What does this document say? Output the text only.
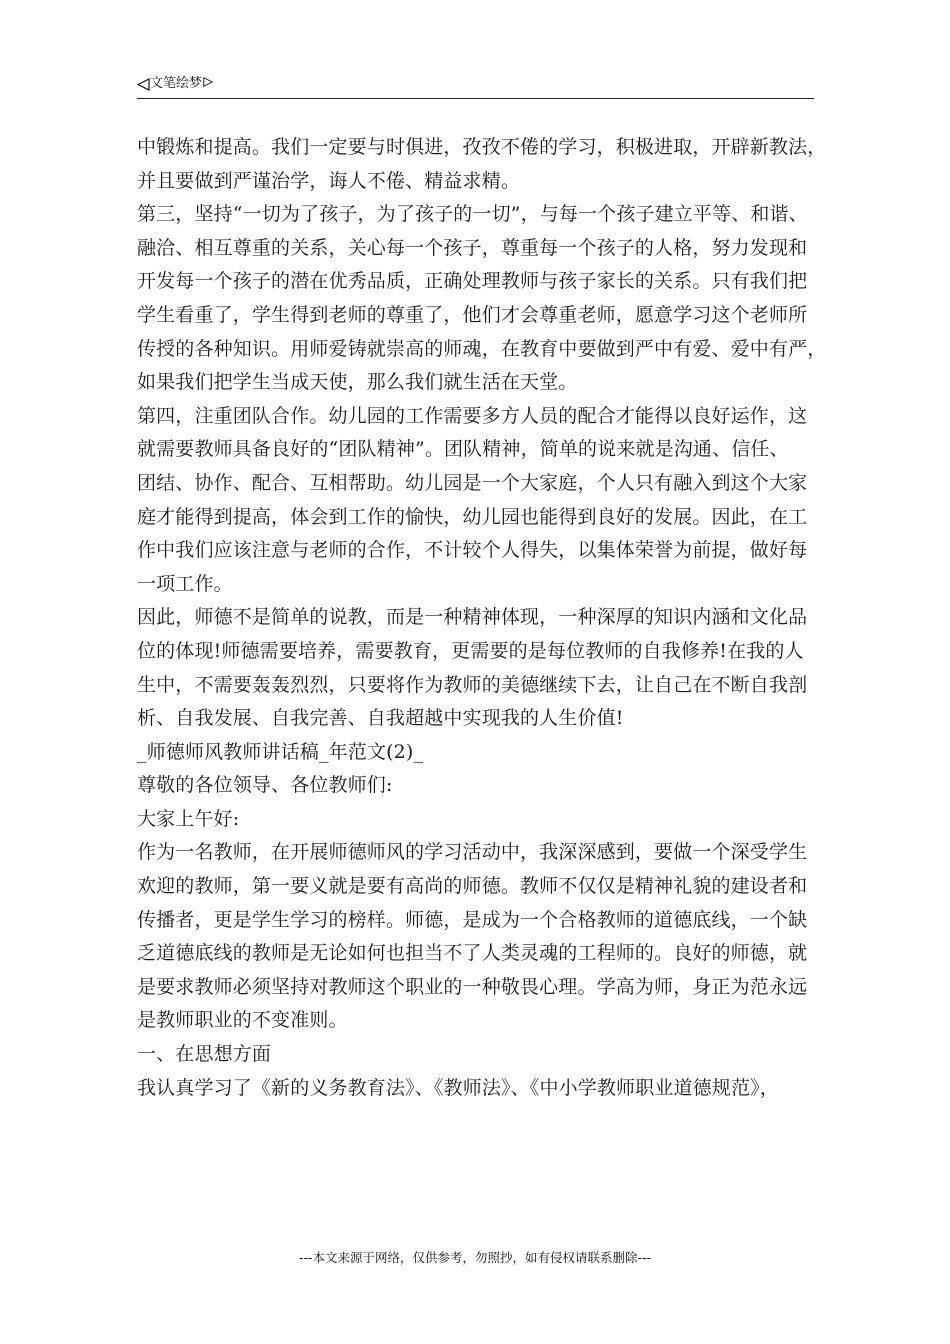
文笔绘梦
中锻炼和提高。我们一定要与时俱进，孜孜不倦的学习，积极进取，开辟新教法，
并且要做到严谨治学，诲人不倦、精益求精。
第三，坚持“一切为了孩子，为了孩子的一切”，与每一个孩子建立平等、和谐、
融洽、相互尊重的关系，关心每一个孩子，尊重每一个孩子的人格，努力发现和
开发每一个孩子的潜在优秀品质，正确处理教师与孩子家长的关系。只有我们把
学生看重了，学生得到老师的尊重了，他们才会尊重老师，愿意学习这个老师所
传授的各种知识。用师爱铸就崇高的师魂，在教育中要做到严中有爱、爱中有严，
如果我们把学生当成天使，那么我们就生活在天堂。
第四，注重团队合作。幼儿园的工作需要多方人员的配合才能得以良好运作，这
就需要教师具备良好的“团队精神”。团队精神，简单的说来就是沟通、信任、
团结、协作、配合、互相帮助。幼儿园是一个大家庭，个人只有融入到这个大家
庭才能得到提高，体会到工作的愉快，幼儿园也能得到良好的发展。因此，在工
作中我们应该注意与老师的合作，不计较个人得失，以集体荣誉为前提，做好每
一项工作。
因此，师德不是简单的说教，而是一种精神体现，一种深厚的知识内涵和文化品
位的体现!师德需要培养，需要教育，更需要的是每位教师的自我修养!在我的人
生中，不需要轰轰烈烈，只要将作为教师的美德继续下去，让自己在不断自我剖
析、自我发展、自我完善、自我超越中实现我的人生价值!
_师德师风教师讲话稿_年范文(2)_
尊敬的各位领导、各位教师们:
大家上午好:
作为一名教师，在开展师德师风的学习活动中，我深深感到，要做一个深受学生
欢迎的教师，第一要义就是要有高尚的师德。教师不仅仅是精神礼貌的建设者和
传播者，更是学生学习的榜样。师德，是成为一个合格教师的道德底线，一个缺
乏道德底线的教师是无论如何也担当不了人类灵魂的工程师的。良好的师德，就
是要求教师必须坚持对教师这个职业的一种敬畏心理。学高为师，身正为范永远
是教师职业的不变准则。
一、在思想方面
我认真学习了《新的义务教育法》、《教师法》、《中小学教师职业道德规范》，
---本文来源于网络，仅供参考，勿照抄，如有侵权请联系删除---
